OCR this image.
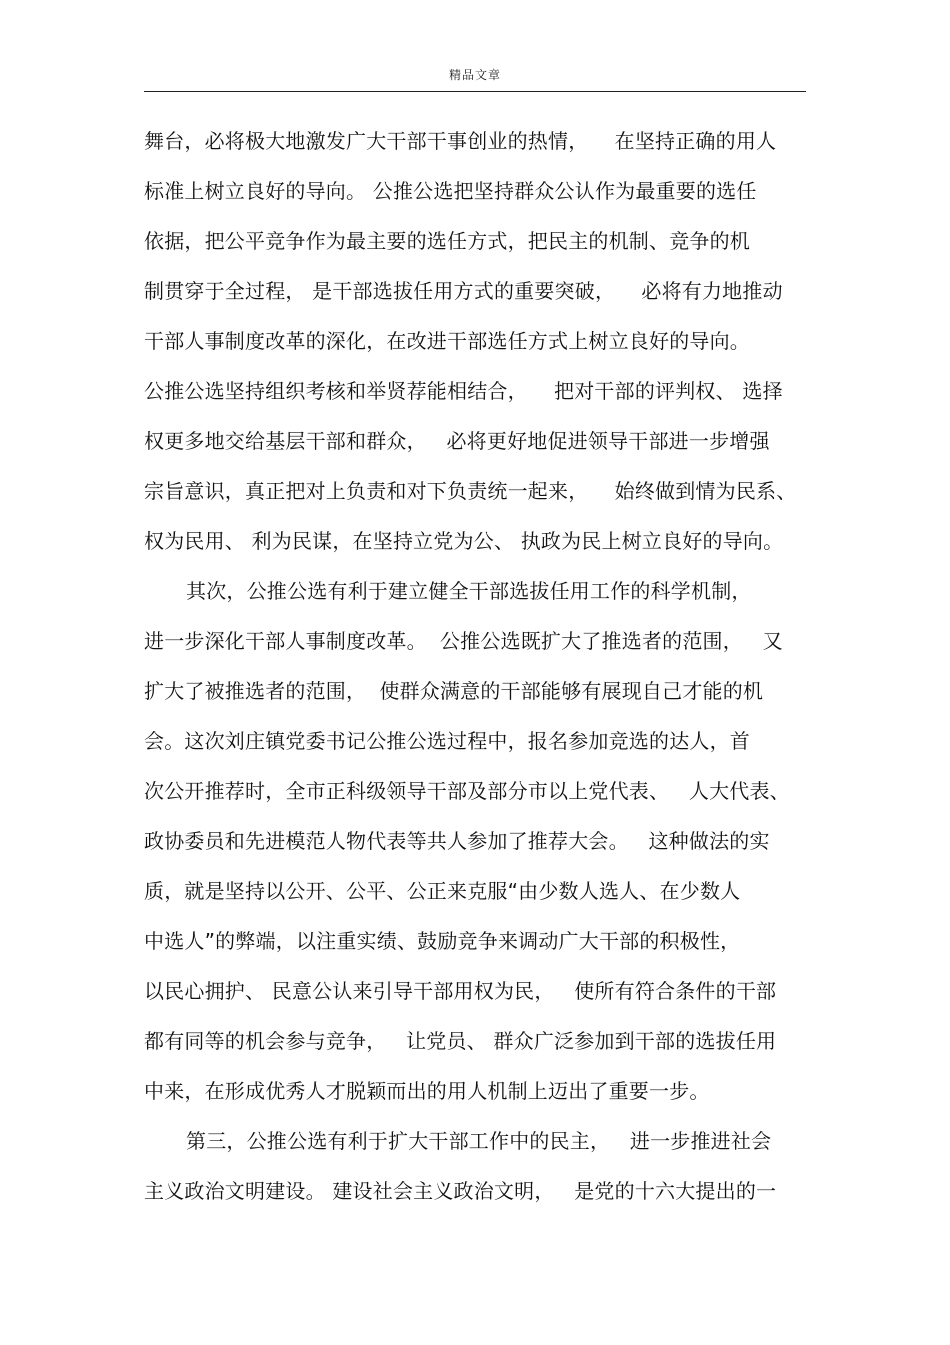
精品文章
舞台，必将极大地激发广大干部干事创业的热情，    在坚持正确的用人
标准上树立良好的导向。 公推公选把坚持群众公认作为最重要的选任
依据，把公平竞争作为最主要的选任方式，把民主的机制、竞争的机
制贯穿于全过程， 是干部选拔任用方式的重要突破，    必将有力地推动
干部人事制度改革的深化，在改进干部选任方式上树立良好的导向。
公推公选坚持组织考核和举贤荐能相结合，    把对干部的评判权、 选择
权更多地交给基层干部和群众，   必将更好地促进领导干部进一步增强
宗旨意识，真正把对上负责和对下负责统一起来，    始终做到情为民系、
权为民用、 利为民谋，在坚持立党为公、 执政为民上树立良好的导向。
其次，公推公选有利于建立健全干部选拔任用工作的科学机制，
进一步深化干部人事制度改革。  公推公选既扩大了推选者的范围，   又
扩大了被推选者的范围，  使群众满意的干部能够有展现自己才能的机
会。这次刘庄镇党委书记公推公选过程中，报名参加竞选的达人，首
次公开推荐时，全市正科级领导干部及部分市以上党代表、   人大代表、
政协委员和先进模范人物代表等共人参加了推荐大会。   这种做法的实
质，就是坚持以公开、公平、公正来克服“由少数人选人、在少数人
中选人”的弊端，以注重实绩、鼓励竞争来调动广大干部的积极性，
以民心拥护、 民意公认来引导干部用权为民，   使所有符合条件的干部
都有同等的机会参与竞争，   让党员、 群众广泛参加到干部的选拔任用
中来，在形成优秀人才脱颖而出的用人机制上迈出了重要一步。
第三，公推公选有利于扩大干部工作中的民主，   进一步推进社会
主义政治文明建设。 建设社会主义政治文明，   是党的十六大提出的一
